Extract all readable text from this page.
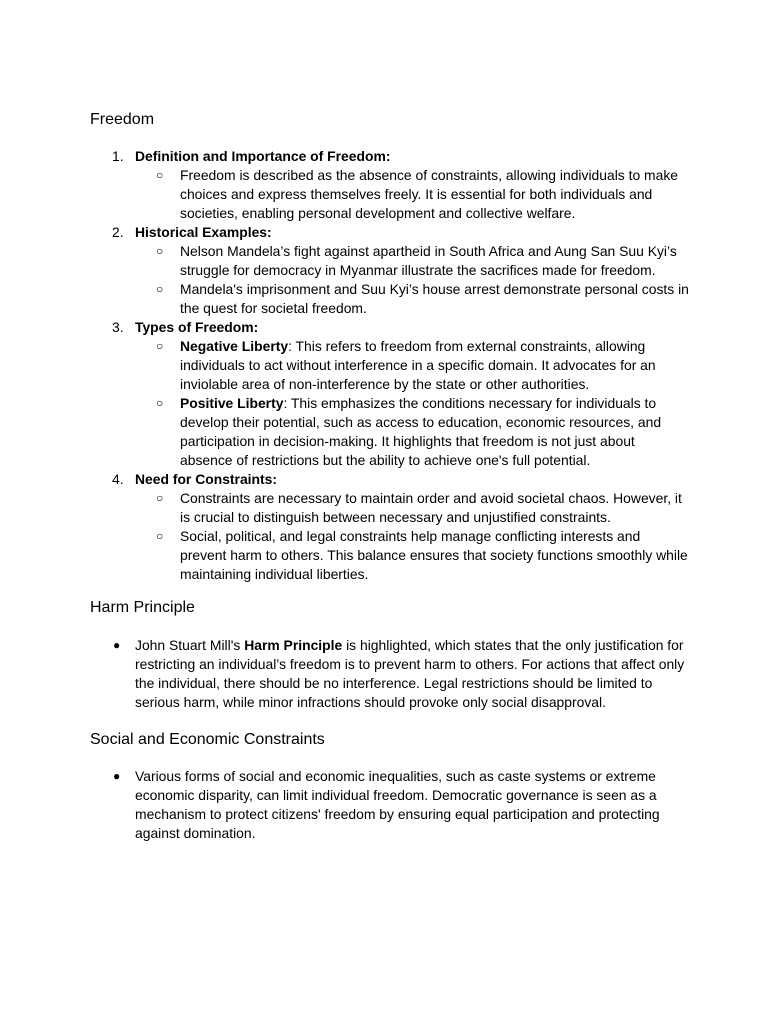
Freedom
1. Definition and Importance of Freedom:
○ Freedom is described as the absence of constraints, allowing individuals to make choices and express themselves freely. It is essential for both individuals and societies, enabling personal development and collective welfare.
2. Historical Examples:
○ Nelson Mandela’s fight against apartheid in South Africa and Aung San Suu Kyi’s struggle for democracy in Myanmar illustrate the sacrifices made for freedom.
○ Mandela's imprisonment and Suu Kyi’s house arrest demonstrate personal costs in the quest for societal freedom.
3. Types of Freedom:
○ Negative Liberty: This refers to freedom from external constraints, allowing individuals to act without interference in a specific domain. It advocates for an inviolable area of non-interference by the state or other authorities.
○ Positive Liberty: This emphasizes the conditions necessary for individuals to develop their potential, such as access to education, economic resources, and participation in decision-making. It highlights that freedom is not just about absence of restrictions but the ability to achieve one's full potential.
4. Need for Constraints:
○ Constraints are necessary to maintain order and avoid societal chaos. However, it is crucial to distinguish between necessary and unjustified constraints.
○ Social, political, and legal constraints help manage conflicting interests and prevent harm to others. This balance ensures that society functions smoothly while maintaining individual liberties.
Harm Principle
● John Stuart Mill's Harm Principle is highlighted, which states that the only justification for restricting an individual’s freedom is to prevent harm to others. For actions that affect only the individual, there should be no interference. Legal restrictions should be limited to serious harm, while minor infractions should provoke only social disapproval.
Social and Economic Constraints
● Various forms of social and economic inequalities, such as caste systems or extreme economic disparity, can limit individual freedom. Democratic governance is seen as a mechanism to protect citizens' freedom by ensuring equal participation and protecting against domination.
